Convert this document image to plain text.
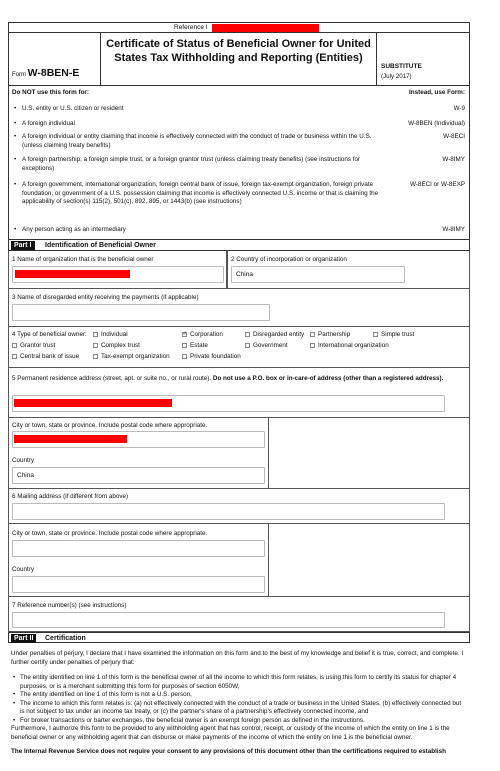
Reference I
Form W-8BEN-E
Certificate of Status of Beneficial Owner for United States Tax Withholding and Reporting (Entities)
SUBSTITUTE
(July 2017)
Do NOT use this form for:	Instead, use Form:
• U.S. entity or U.S. citizen or resident	W-9
• A foreign individual	W-8BEN (Individual)
• A foreign individual or entity claiming that income is effectively connected with the conduct of trade or business within the U.S. (unless claiming treaty benefits)
W-8ECI
• A foreign partnership, a foreign simple trust, or a foreign grantor trust (unless claiming treaty benefits) (see instructions for exceptions)
W-8IMY
• A foreign government, international organization, foreign central bank of issue, foreign tax-exempt organization, foreign private foundation, or government of a U.S. possession claiming that income is effectively connected U.S. income or that is claiming the applicability of section(s) 115(2), 501(c), 892, 895, or 1443(b) (see instructions)
W-8ECI or W-8EXP
• Any person acting as an intermediary	W-8IMY
Part I	Identification of Beneficial Owner
1 Name of organization that is the beneficial owner	2 Country of incorporation or organization
China
3 Name of disregarded entity receiving the payments (if applicable)
4 Type of beneficial owner:	Individual
✓	Corporation	Disregarded entity	Partnership	Simple trust
Grantor trust	Complex trust	Estate	Government	International organization
Central bank of issue	Tax-exempt organization	Private foundation
5 Permanent residence address (street, apt. or suite no., or rural route). Do not use a P.O. box or in-care-of address (other than a registered address).
City or town, state or province. Include postal code where appropriate.
Country
China
6 Mailing address (if different from above)
City or town, state or province. Include postal code where appropriate.
Country
7 Reference number(s) (see instructions)
Part II	Certification

Under penalties of perjury, I declare that I have examined the information on this form and to the best of my knowledge and belief it is true, correct, and complete. I further certify under penalties of perjury that:

• The entity identified on line 1 of this form is the beneficial owner of all the income to which this form relates, is using this form to certify its status for chapter 4 purposes, or is a merchant submitting this form for purposes of section 6050W,
• The entity identified on line 1 of this form is not a U.S. person,
• The income to which this form relates is: (a) not effectively connected with the conduct of a trade or business in the United States, (b) effectively connected but is not subject to tax under an income tax treaty, or (c) the partner's share of a partnership's effectively connected income, and
• For broker transactions or barter exchanges, the beneficial owner is an exempt foreign person as defined in the instructions.

Furthermore, I authorize this form to be provided to any withholding agent that has control, receipt, or custody of the income of which the entity on line 1 is the beneficial owner or any withholding agent that can disburse or make payments of the income of which the entity on line 1 is the beneficial owner.

The Internal Revenue Service does not require your consent to any provisions of this document other than the certifications required to establish
